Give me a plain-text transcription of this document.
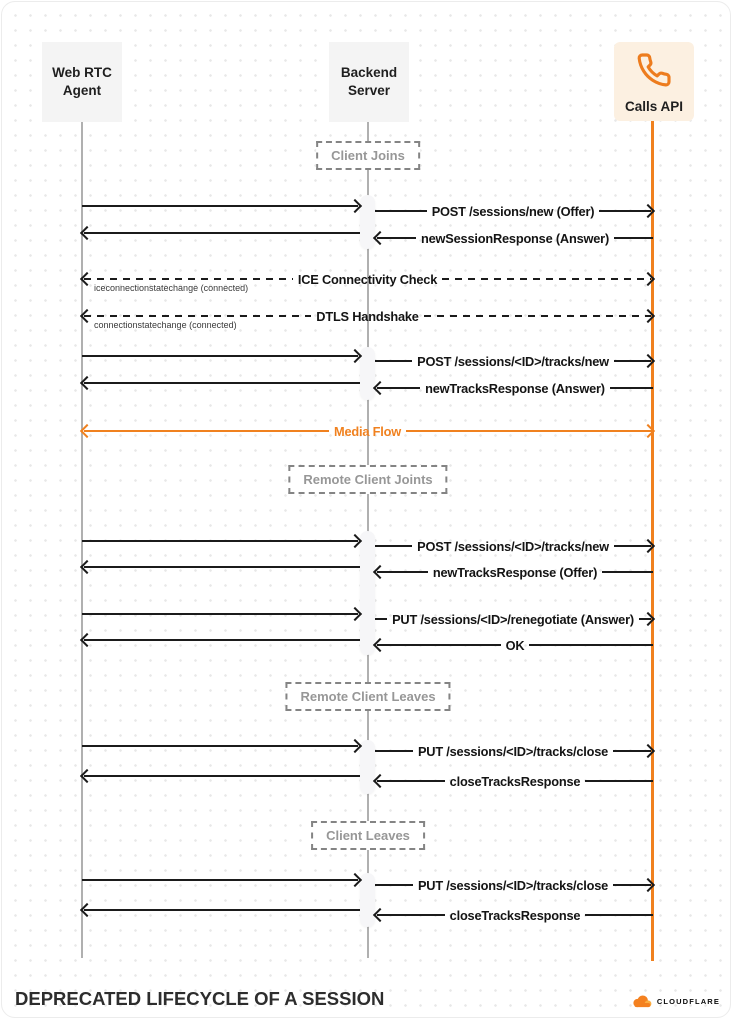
Web RTC
Agent
Backend
Server
Calls API
Client Joins
Remote Client Joints
Remote Client Leaves
Client Leaves
POST /sessions/new (Offer)
newSessionResponse (Answer)
ICE Connectivity Check
iceconnectionstatechange (connected)
DTLS Handshake
connectionstatechange (connected)
POST /sessions/<ID>/tracks/new
newTracksResponse (Answer)
Media Flow
POST /sessions/<ID>/tracks/new
newTracksResponse (Offer)
PUT /sessions/<ID>/renegotiate (Answer)
OK
PUT /sessions/<ID>/tracks/close
closeTracksResponse
PUT /sessions/<ID>/tracks/close
closeTracksResponse
DEPRECATED LIFECYCLE OF A SESSION	CLOUDFLARE
